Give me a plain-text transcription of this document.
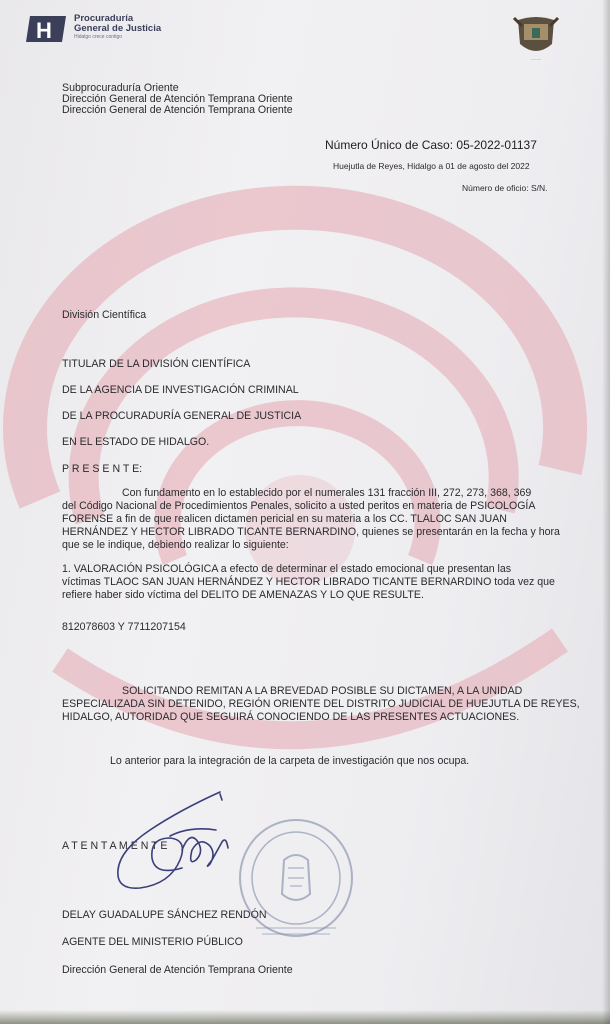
H Procuraduría
General de Justicia
Hidalgo crece contigo
·········
Subprocuraduría Oriente
Dirección General de Atención Temprana Oriente
Dirección General de Atención Temprana Oriente
Número Único de Caso: 05-2022-01137
Huejutla de Reyes, Hidalgo a 01 de agosto del 2022
Número de oficio: S/N.
División Científica
TITULAR DE LA DIVISIÓN CIENTÍFICA
DE LA AGENCIA DE INVESTIGACIÓN CRIMINAL
DE LA PROCURADURÍA GENERAL DE JUSTICIA
EN EL ESTADO DE HIDALGO.
P R E S E N T E:
Con fundamento en lo establecido por el numerales 131 fracción III, 272, 273, 368, 369
del Código Nacional de Procedimientos Penales, solicito a usted peritos en materia de PSICOLOGÍA
FORENSE a fin de que realicen dictamen pericial en su materia a los CC. TLALOC SAN JUAN
HERNÁNDEZ Y HECTOR LIBRADO TICANTE BERNARDINO, quienes se presentarán en la fecha y hora
que se le indique, debiendo realizar lo siguiente:
1. VALORACIÓN PSICOLÓGICA a efecto de determinar el estado emocional que presentan las
víctimas TLAOC SAN JUAN HERNÁNDEZ Y HECTOR LIBRADO TICANTE BERNARDINO toda vez que
refiere haber sido víctima del DELITO DE AMENAZAS Y LO QUE RESULTE.
812078603 Y 7711207154
SOLICITANDO REMITAN A LA BREVEDAD POSIBLE SU DICTAMEN, A LA UNIDAD
ESPECIALIZADA SIN DETENIDO, REGIÓN ORIENTE DEL DISTRITO JUDICIAL DE HUEJUTLA DE REYES,
HIDALGO, AUTORIDAD QUE SEGUIRÁ CONOCIENDO DE LAS PRESENTES ACTUACIONES.
Lo anterior para la integración de la carpeta de investigación que nos ocupa.
A T E N T A M E N T E
DELAY GUADALUPE SÁNCHEZ RENDÓN
AGENTE DEL MINISTERIO PÚBLICO
Dirección General de Atención Temprana Oriente
